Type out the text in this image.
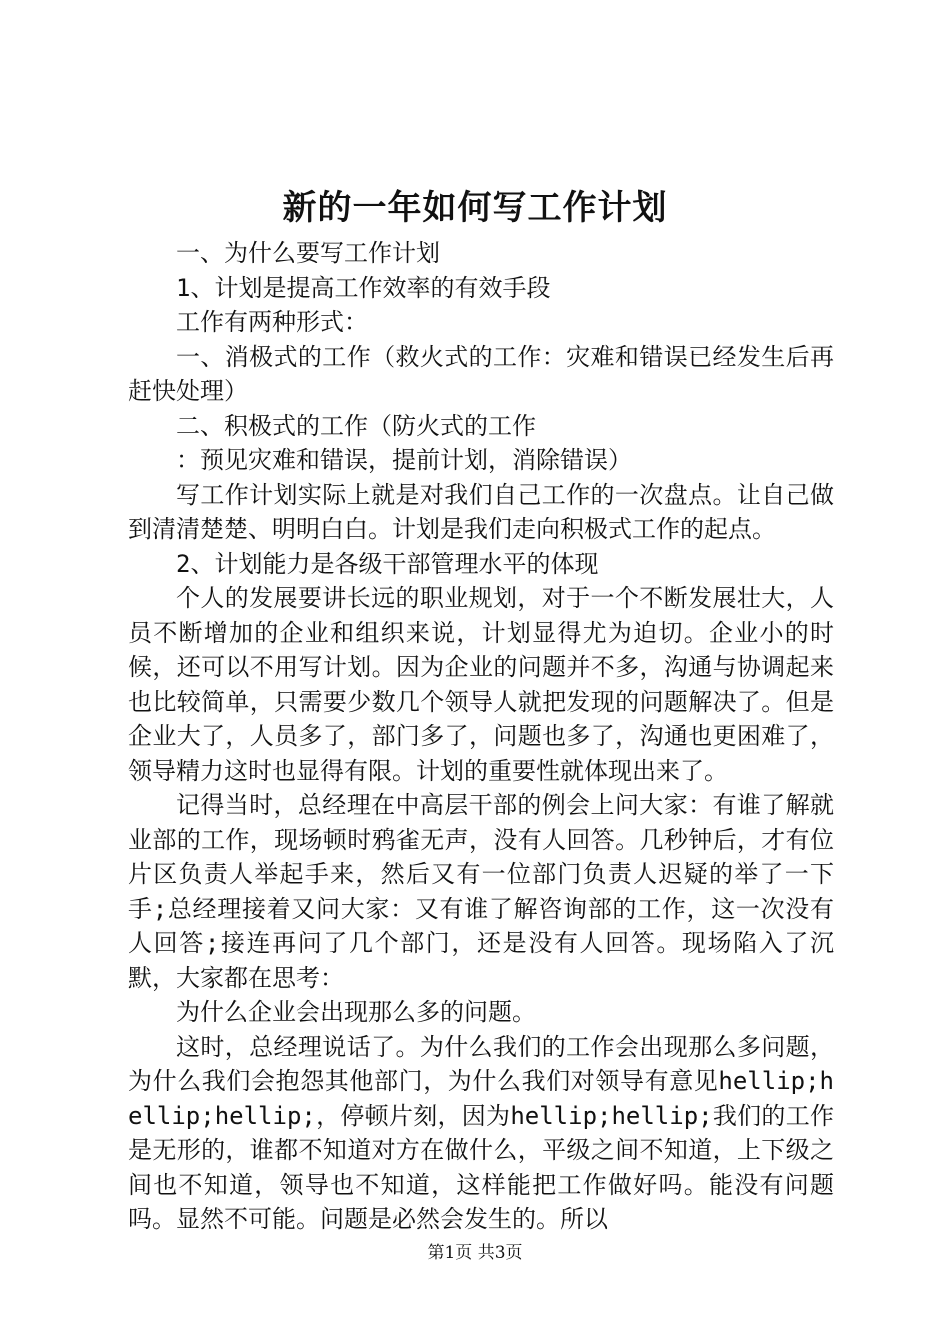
新的一年如何写工作计划

一、为什么要写工作计划

1、计划是提高工作效率的有效手段

工作有两种形式：

一、消极式的工作（救火式的工作：灾难和错误已经发生后再赶快处理）

二、积极式的工作（防火式的工作

：预见灾难和错误，提前计划，消除错误）

写工作计划实际上就是对我们自己工作的一次盘点。让自己做到清清楚楚、明明白白。计划是我们走向积极式工作的起点。

2、计划能力是各级干部管理水平的体现

个人的发展要讲长远的职业规划，对于一个不断发展壮大，人员不断增加的企业和组织来说，计划显得尤为迫切。企业小的时候，还可以不用写计划。因为企业的问题并不多，沟通与协调起来也比较简单，只需要少数几个领导人就把发现的问题解决了。但是企业大了，人员多了，部门多了，问题也多了，沟通也更困难了，领导精力这时也显得有限。计划的重要性就体现出来了。

记得当时，总经理在中高层干部的例会上问大家：有谁了解就业部的工作，现场顿时鸦雀无声，没有人回答。几秒钟后，才有位片区负责人举起手来，然后又有一位部门负责人迟疑的举了一下手;总经理接着又问大家：又有谁了解咨询部的工作，这一次没有人回答;接连再问了几个部门，还是没有人回答。现场陷入了沉默，大家都在思考：

为什么企业会出现那么多的问题。

这时，总经理说话了。为什么我们的工作会出现那么多问题，为什么我们会抱怨其他部门，为什么我们对领导有意见hellip;hellip;hellip;，停顿片刻，因为hellip;hellip;我们的工作是无形的，谁都不知道对方在做什么，平级之间不知道，上下级之间也不知道，领导也不知道，这样能把工作做好吗。能没有问题吗。显然不可能。问题是必然会发生的。所以

第1页 共3页
